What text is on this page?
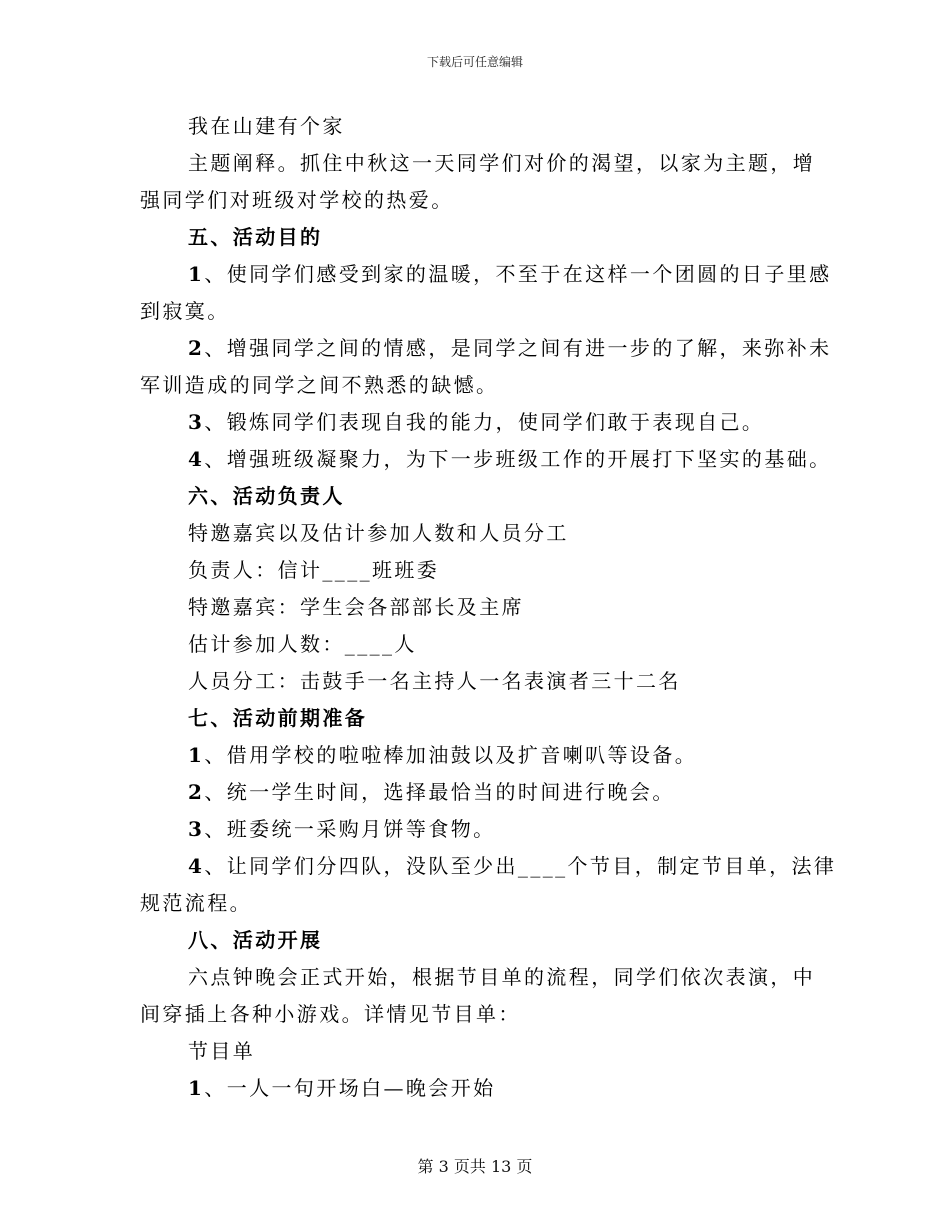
下载后可任意编辑

我在山建有个家

主题阐释。抓住中秋这一天同学们对价的渴望，以家为主题，增

强同学们对班级对学校的热爱。

五、活动目的

1、使同学们感受到家的温暖，不至于在这样一个团圆的日子里感

到寂寞。

2、增强同学之间的情感，是同学之间有进一步的了解，来弥补未

军训造成的同学之间不熟悉的缺憾。

3、锻炼同学们表现自我的能力，使同学们敢于表现自己。

4、增强班级凝聚力，为下一步班级工作的开展打下坚实的基础。

六、活动负责人

特邀嘉宾以及估计参加人数和人员分工

负责人：信计____班班委

特邀嘉宾：学生会各部部长及主席

估计参加人数：____人

人员分工：击鼓手一名主持人一名表演者三十二名

七、活动前期准备

1、借用学校的啦啦棒加油鼓以及扩音喇叭等设备。

2、统一学生时间，选择最恰当的时间进行晚会。

3、班委统一采购月饼等食物。

4、让同学们分四队，没队至少出____个节目，制定节目单，法律

规范流程。

八、活动开展

六点钟晚会正式开始，根据节目单的流程，同学们依次表演，中

间穿插上各种小游戏。详情见节目单：

节目单

1、一人一句开场白—晚会开始

第 3 页共 13 页
